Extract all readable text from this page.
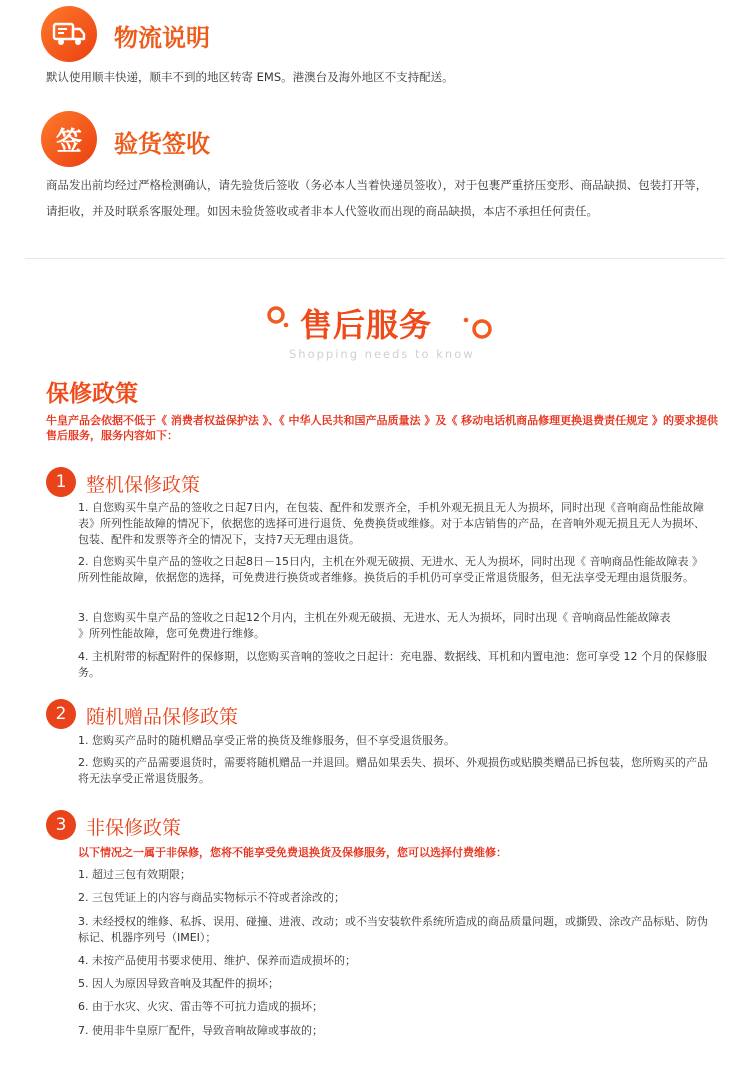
物流说明
默认使用顺丰快递，顺丰不到的地区转寄 EMS。港澳台及海外地区不支持配送。
签	验货签收
商品发出前均经过严格检测确认，请先验货后签收（务必本人当着快递员签收），对于包裹严重挤压变形、商品缺损、包装打开等，请拒收，并及时联系客服处理。如因未验货签收或者非本人代签收而出现的商品缺损，本店不承担任何责任。
售后服务
Shopping needs to know
保修政策
牛皇产品会依据不低于《 消费者权益保护法 》、《 中华人民共和国产品质量法 》及《 移动电话机商品修理更换退费责任规定 》的要求提供售后服务，服务内容如下：
1	整机保修政策
1. 自您购买牛皇产品的签收之日起7日内，在包装、配件和发票齐全，手机外观无损且无人为损坏，同时出现《音响商品性能故障表》所列性能故障的情况下，依据您的选择可进行退货、免费换货或维修。对于本店销售的产品，在音响外观无损且无人为损坏、包装、配件和发票等齐全的情况下，支持7天无理由退货。
2. 自您购买牛皇产品的签收之日起8日－15日内，主机在外观无破损、无进水、无人为损坏，同时出现《 音响商品性能故障表 》所列性能故障，依据您的选择，可免费进行换货或者维修。换货后的手机仍可享受正常退货服务，但无法享受无理由退货服务。
3. 自您购买牛皇产品的签收之日起12个月内，主机在外观无破损、无进水、无人为损坏，同时出现《 音响商品性能故障表 》所列性能故障，您可免费进行维修。
4. 主机附带的标配附件的保修期，以您购买音响的签收之日起计：充电器、数据线、耳机和内置电池：您可享受 12 个月的保修服务。
2	随机赠品保修政策
1. 您购买产品时的随机赠品享受正常的换货及维修服务，但不享受退货服务。
2. 您购买的产品需要退货时，需要将随机赠品一并退回。赠品如果丢失、损坏、外观损伤或贴膜类赠品已拆包装，您所购买的产品将无法享受正常退货服务。
3	非保修政策
以下情况之一属于非保修，您将不能享受免费退换货及保修服务，您可以选择付费维修：
1. 超过三包有效期限；
2. 三包凭证上的内容与商品实物标示不符或者涂改的；
3. 未经授权的维修、私拆、误用、碰撞、进液、改动；或不当安装软件系统所造成的商品质量问题，或撕毁、涂改产品标贴、防伪标记、机器序列号（IMEI）；
4. 未按产品使用书要求使用、维护、保养而造成损坏的；
5. 因人为原因导致音响及其配件的损坏；
6. 由于水灾、火灾、雷击等不可抗力造成的损坏；
7. 使用非牛皇原厂配件，导致音响故障或事故的；
